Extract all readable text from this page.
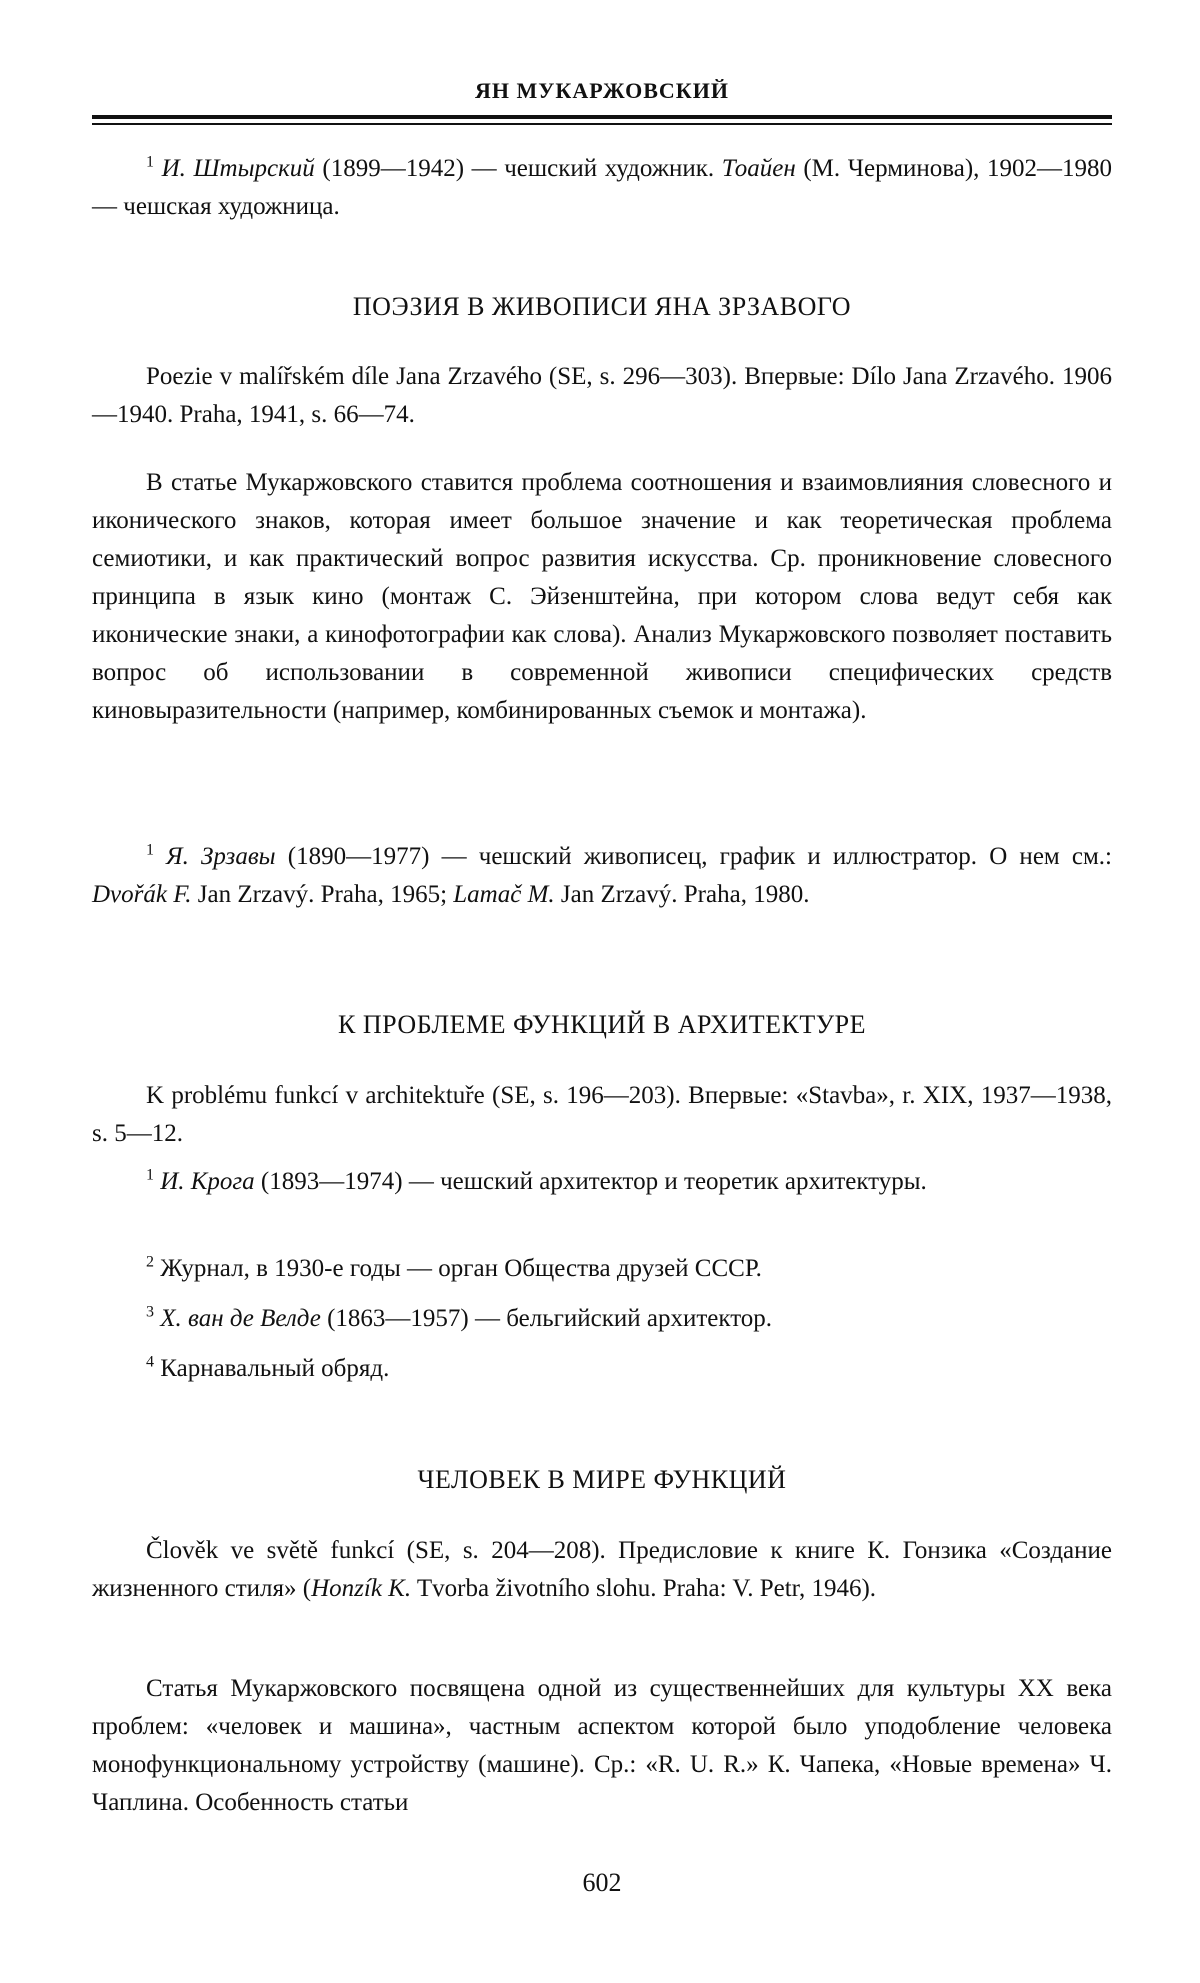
ЯН МУКАРЖОВСКИЙ
1 И. Штырский (1899—1942) — чешский художник. Тоайен (М. Черминова), 1902—1980 — чешская художница.
ПОЭЗИЯ В ЖИВОПИСИ ЯНА ЗРЗАВОГО
Poezie v malířském díle Jana Zrzavého (SE, s. 296—303). Впервые: Dílo Jana Zrzavého. 1906—1940. Praha, 1941, s. 66—74.
В статье Мукаржовского ставится проблема соотношения и взаимовлияния словесного и иконического знаков, которая имеет большое значение и как теоретическая проблема семиотики, и как практический вопрос развития искусства. Ср. проникновение словесного принципа в язык кино (монтаж С. Эйзенштейна, при котором слова ведут себя как иконические знаки, а кинофотографии как слова). Анализ Мукаржовского позволяет поставить вопрос об использовании в современной живописи специфических средств киновыразительности (например, комбинированных съемок и монтажа).
1 Я. Зрзавы (1890—1977) — чешский живописец, график и иллюстратор. О нем см.: Dvořák F. Jan Zrzavý. Praha, 1965; Lamač M. Jan Zrzavý. Praha, 1980.
К ПРОБЛЕМЕ ФУНКЦИЙ В АРХИТЕКТУРЕ
K problému funkcí v architektuře (SE, s. 196—203). Впервые: «Stavba», r. XIX, 1937—1938, s. 5—12.
1 И. Крога (1893—1974) — чешский архитектор и теоретик архитектуры.
2 Журнал, в 1930-е годы — орган Общества друзей СССР.
3 Х. ван де Велде (1863—1957) — бельгийский архитектор.
4 Карнавальный обряд.
ЧЕЛОВЕК В МИРЕ ФУНКЦИЙ
Člověk ve světě funkcí (SE, s. 204—208). Предисловие к книге К. Гонзика «Создание жизненного стиля» (Honzík K. Tvorba životního slohu. Praha: V. Petr, 1946).
Статья Мукаржовского посвящена одной из существеннейших для культуры XX века проблем: «человек и машина», частным аспектом которой было уподобление человека монофункциональному устройству (машине). Ср.: «R. U. R.» К. Чапека, «Новые времена» Ч. Чаплина. Особенность статьи
602
